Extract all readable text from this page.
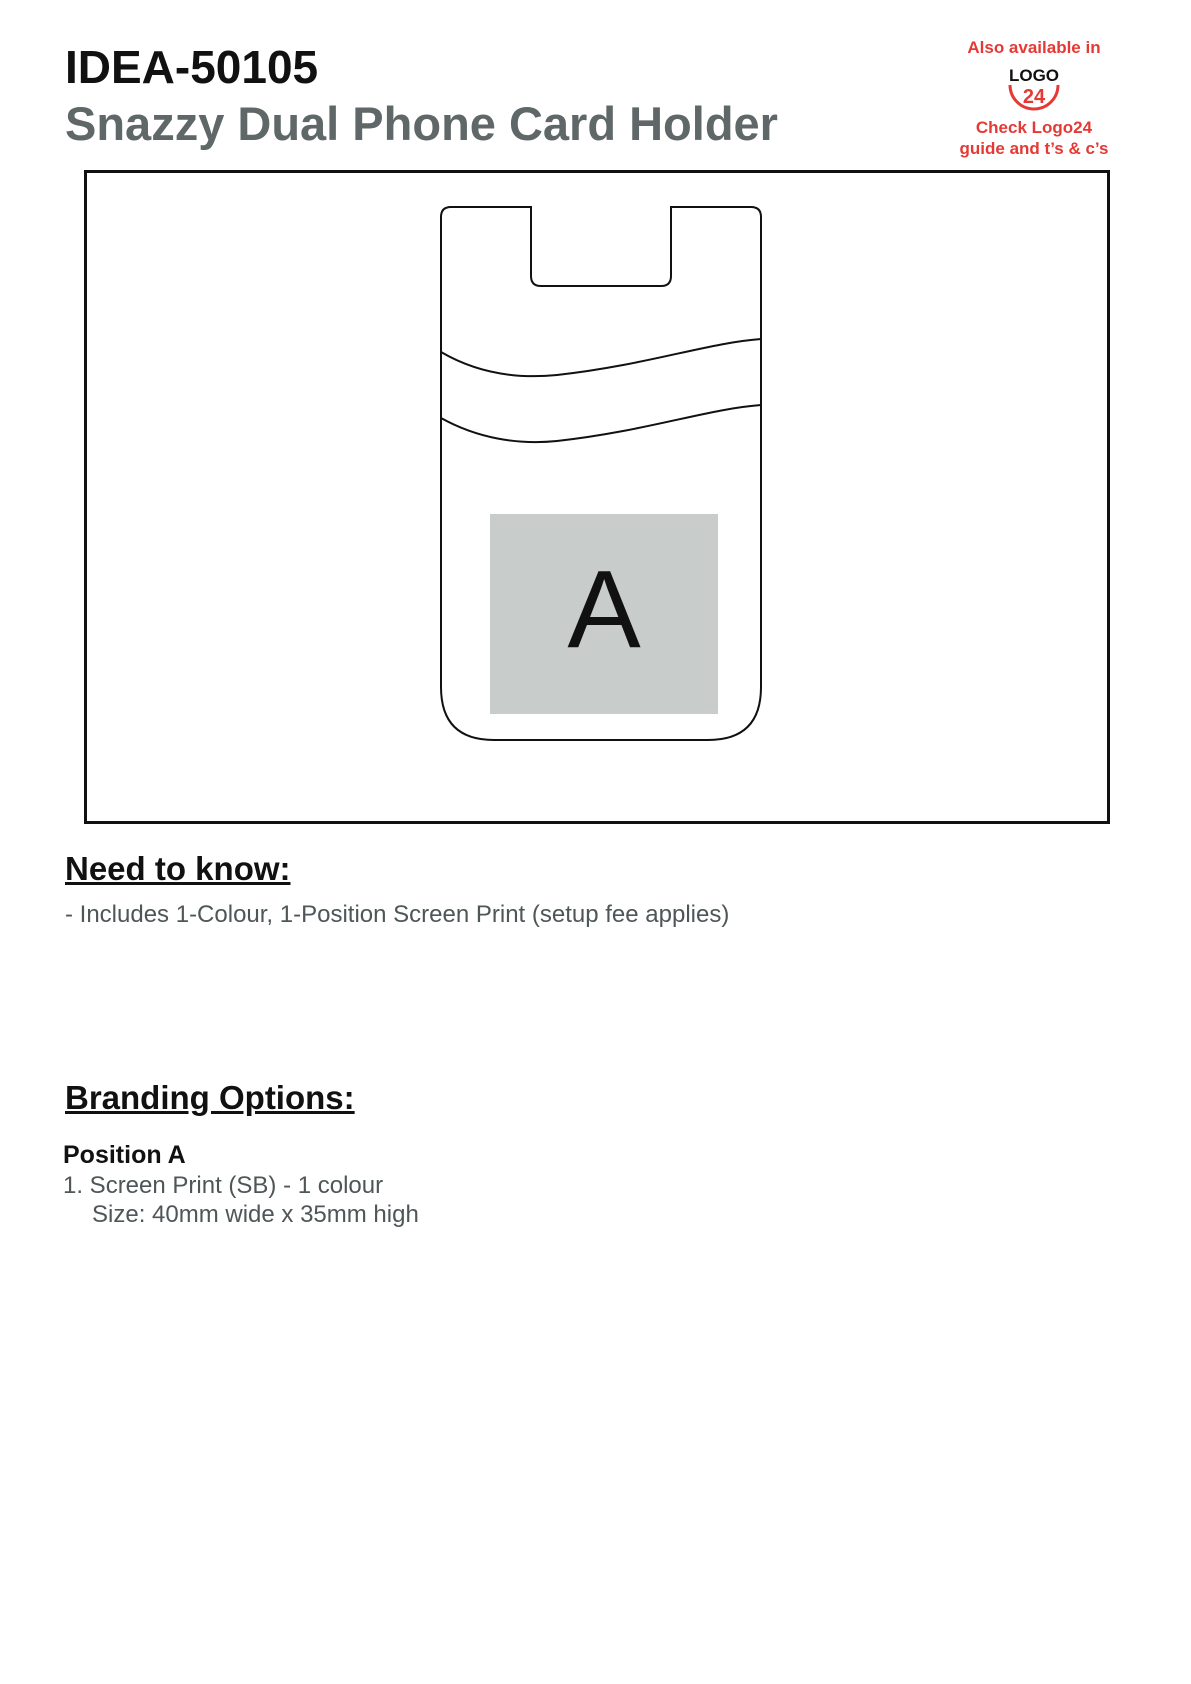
IDEA-50105
Snazzy Dual Phone Card Holder
Also available in
LOGO
24
Check Logo24
guide and t’s & c’s
A
Need to know:

- Includes 1-Colour, 1-Position Screen Print (setup fee applies)

Branding Options:

Position A

1. Screen Print (SB) - 1 colour

Size: 40mm wide x 35mm high
